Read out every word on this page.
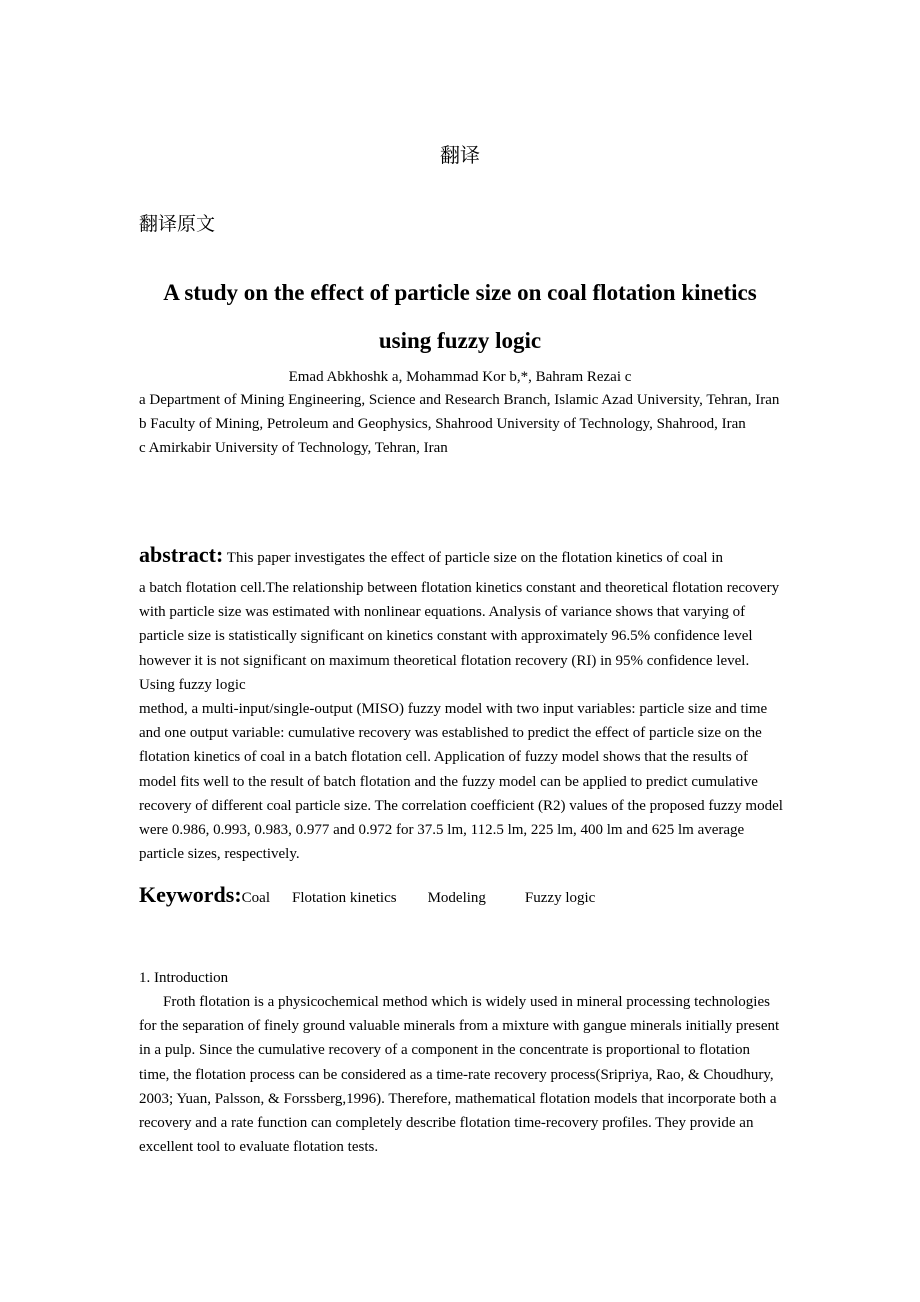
翻译
翻译原文
A study on the effect of particle size on coal flotation kinetics
using fuzzy logic
Emad Abkhoshk a, Mohammad Kor b,*, Bahram Rezai c
a Department of Mining Engineering, Science and Research Branch, Islamic Azad University, Tehran, Iran
b Faculty of Mining, Petroleum and Geophysics, Shahrood University of Technology, Shahrood, Iran
c Amirkabir University of Technology, Tehran, Iran
abstract: This paper investigates the effect of particle size on the flotation kinetics of coal in
a batch flotation cell.The relationship between flotation kinetics constant and theoretical flotation recovery with particle size was estimated with nonlinear equations. Analysis of variance shows that varying of particle size is statistically significant on kinetics constant with approximately 96.5% confidence level however it is not significant on maximum theoretical flotation recovery (RI) in 95% confidence level. Using fuzzy logic
method, a multi-input/single-output (MISO) fuzzy model with two input variables: particle size and time and one output variable: cumulative recovery was established to predict the effect of particle size on the flotation kinetics of coal in a batch flotation cell. Application of fuzzy model shows that the results of model fits well to the result of batch flotation and the fuzzy model can be applied to predict cumulative recovery of different coal particle size. The correlation coefficient (R2) values of the proposed fuzzy model were 0.986, 0.993, 0.983, 0.977 and 0.972 for 37.5 lm, 112.5 lm, 225 lm, 400 lm and 625 lm average particle sizes, respectively.
Keywords:Coal Flotation kinetics Modeling	Fuzzy logic
1. Introduction
Froth flotation is a physicochemical method which is widely used in mineral processing technologies for the separation of finely ground valuable minerals from a mixture with gangue minerals initially present in a pulp. Since the cumulative recovery of a component in the concentrate is proportional to flotation time, the flotation process can be considered as a time-rate recovery process(Sripriya, Rao, & Choudhury, 2003; Yuan, Palsson, & Forssberg,1996). Therefore, mathematical flotation models that incorporate both a recovery and a rate function can completely describe flotation time-recovery profiles. They provide an excellent tool to evaluate flotation tests.
